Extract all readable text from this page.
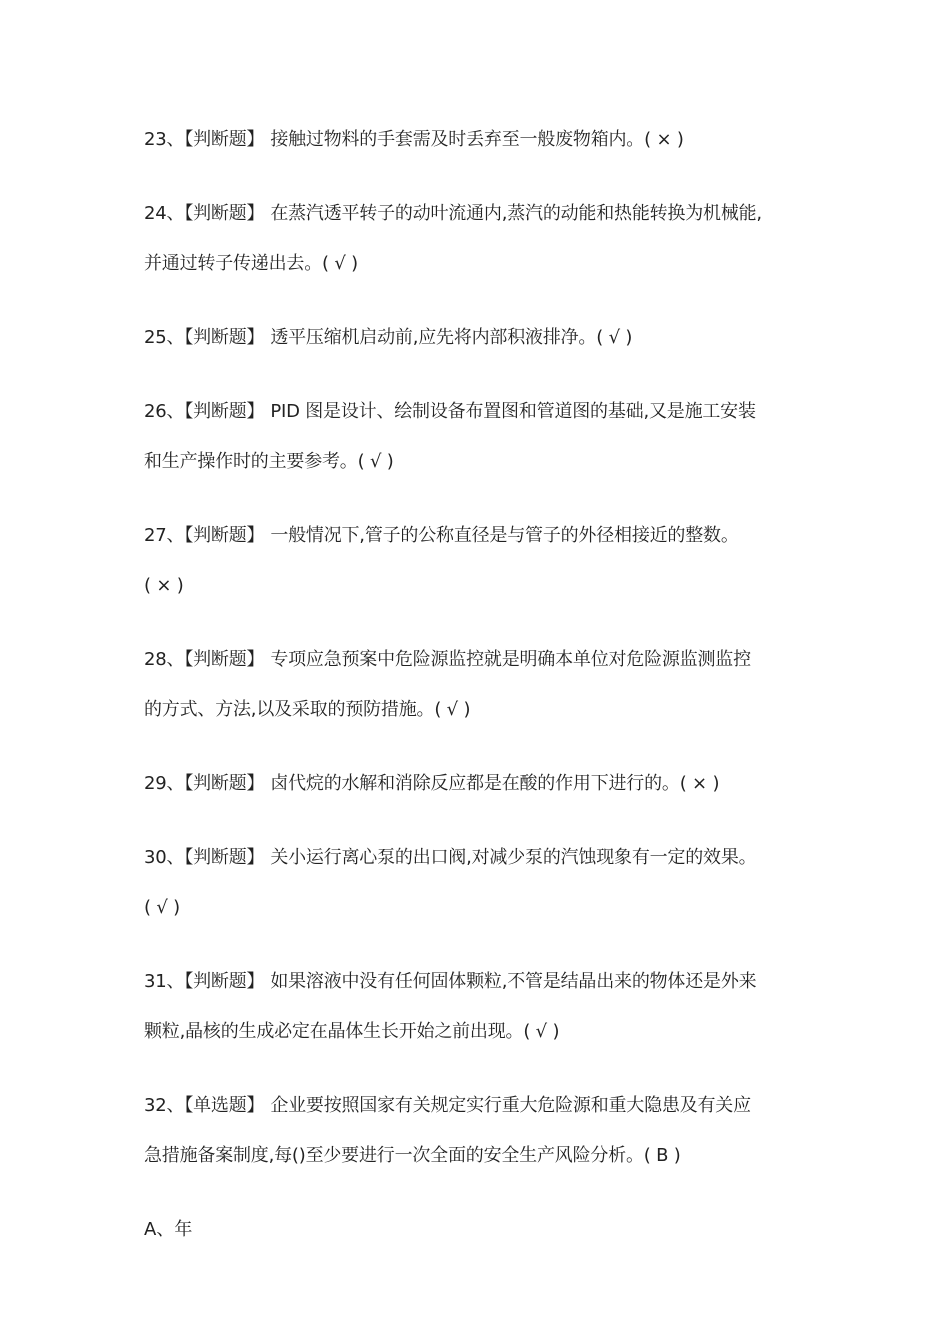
23、【判断题】 接触过物料的手套需及时丢弃至一般废物箱内。( × )
24、【判断题】 在蒸汽透平转子的动叶流通内,蒸汽的动能和热能转换为机械能,
并通过转子传递出去。( √ )
25、【判断题】 透平压缩机启动前,应先将内部积液排净。( √ )
26、【判断题】 PID 图是设计、绘制设备布置图和管道图的基础,又是施工安装
和生产操作时的主要参考。( √ )
27、【判断题】 一般情况下,管子的公称直径是与管子的外径相接近的整数。
( × )
28、【判断题】 专项应急预案中危险源监控就是明确本单位对危险源监测监控
的方式、方法,以及采取的预防措施。( √ )
29、【判断题】 卤代烷的水解和消除反应都是在酸的作用下进行的。( × )
30、【判断题】 关小运行离心泵的出口阀,对减少泵的汽蚀现象有一定的效果。
( √ )
31、【判断题】 如果溶液中没有任何固体颗粒,不管是结晶出来的物体还是外来
颗粒,晶核的生成必定在晶体生长开始之前出现。( √ )
32、【单选题】 企业要按照国家有关规定实行重大危险源和重大隐患及有关应
急措施备案制度,每()至少要进行一次全面的安全生产风险分析。( B )
A、年
